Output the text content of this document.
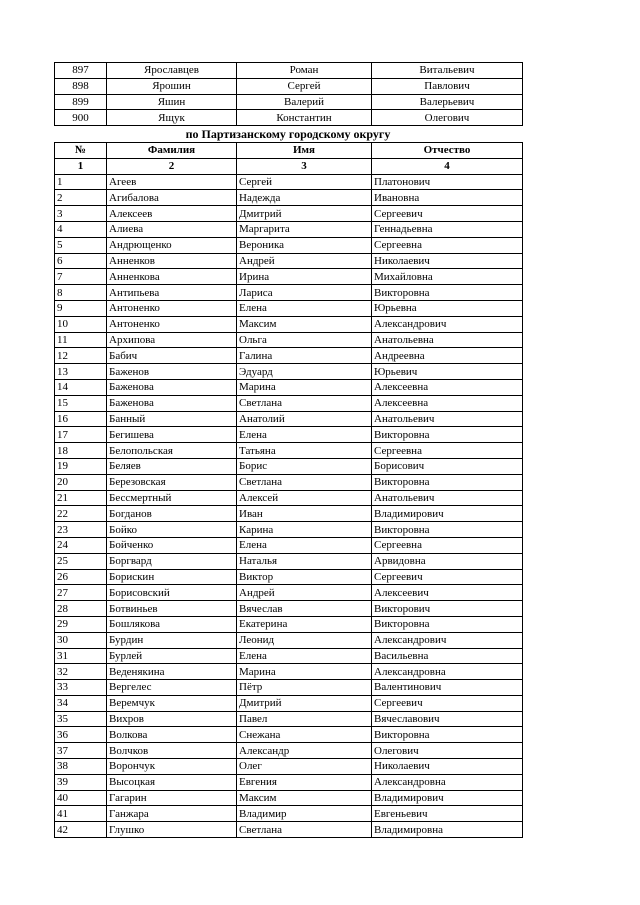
897	Ярославцев	Роман	Витальевич
898	Ярошин	Сергей	Павлович
899	Яшин	Валерий	Валерьевич
900	Ящук	Константин	Олегович
по Партизанскому городскому округу
№	Фамилия	Имя	Отчество
1	2	3	4
1	Агеев	Сергей	Платонович
2	Агибалова	Надежда	Ивановна
3	Алексеев	Дмитрий	Сергеевич
4	Алиева	Маргарита	Геннадьевна
5	Андрющенко	Вероника	Сергеевна
6	Анненков	Андрей	Николаевич
7	Анненкова	Ирина	Михайловна
8	Антипьева	Лариса	Викторовна
9	Антоненко	Елена	Юрьевна
10	Антоненко	Максим	Александрович
11	Архипова	Ольга	Анатольевна
12	Бабич	Галина	Андреевна
13	Баженов	Эдуард	Юрьевич
14	Баженова	Марина	Алексеевна
15	Баженова	Светлана	Алексеевна
16	Банный	Анатолий	Анатольевич
17	Бегишева	Елена	Викторовна
18	Белопольская	Татьяна	Сергеевна
19	Беляев	Борис	Борисович
20	Березовская	Светлана	Викторовна
21	Бессмертный	Алексей	Анатольевич
22	Богданов	Иван	Владимирович
23	Бойко	Карина	Викторовна
24	Бойченко	Елена	Сергеевна
25	Боргвард	Наталья	Арвидовна
26	Борискин	Виктор	Сергеевич
27	Борисовский	Андрей	Алексеевич
28	Ботвиньев	Вячеслав	Викторович
29	Бошлякова	Екатерина	Викторовна
30	Бурдин	Леонид	Александрович
31	Бурлей	Елена	Васильевна
32	Веденякина	Марина	Александровна
33	Вергелес	Пётр	Валентинович
34	Веремчук	Дмитрий	Сергеевич
35	Вихров	Павел	Вячеславович
36	Волкова	Снежана	Викторовна
37	Волчков	Александр	Олегович
38	Ворончук	Олег	Николаевич
39	Высоцкая	Евгения	Александровна
40	Гагарин	Максим	Владимирович
41	Ганжара	Владимир	Евгеньевич
42	Глушко	Светлана	Владимировна
